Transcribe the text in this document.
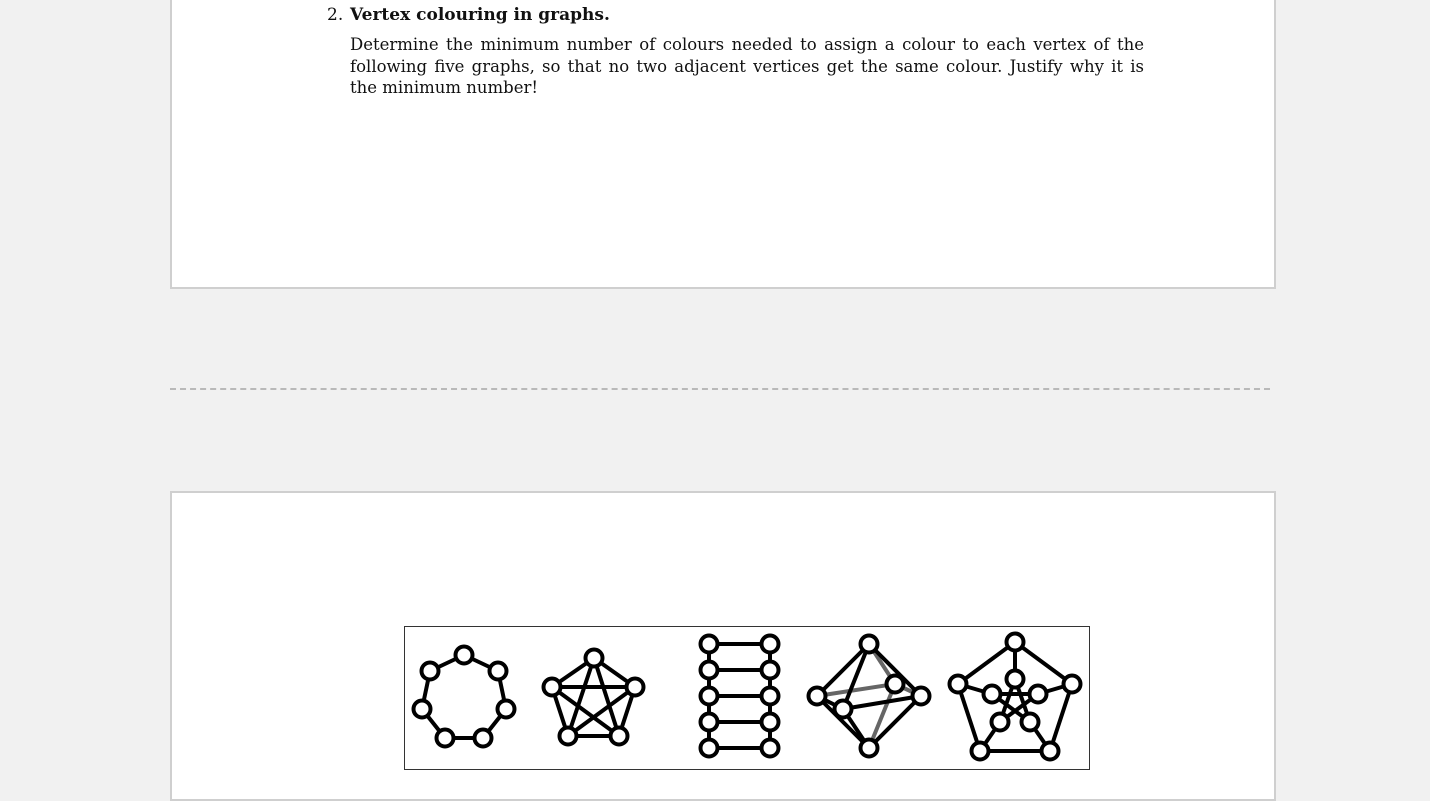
2. Vertex colouring in graphs.
Determine the minimum number of colours needed to assign a colour to each vertex of the following five graphs, so that no two adjacent vertices get the same colour. Justify why it is the minimum number!
